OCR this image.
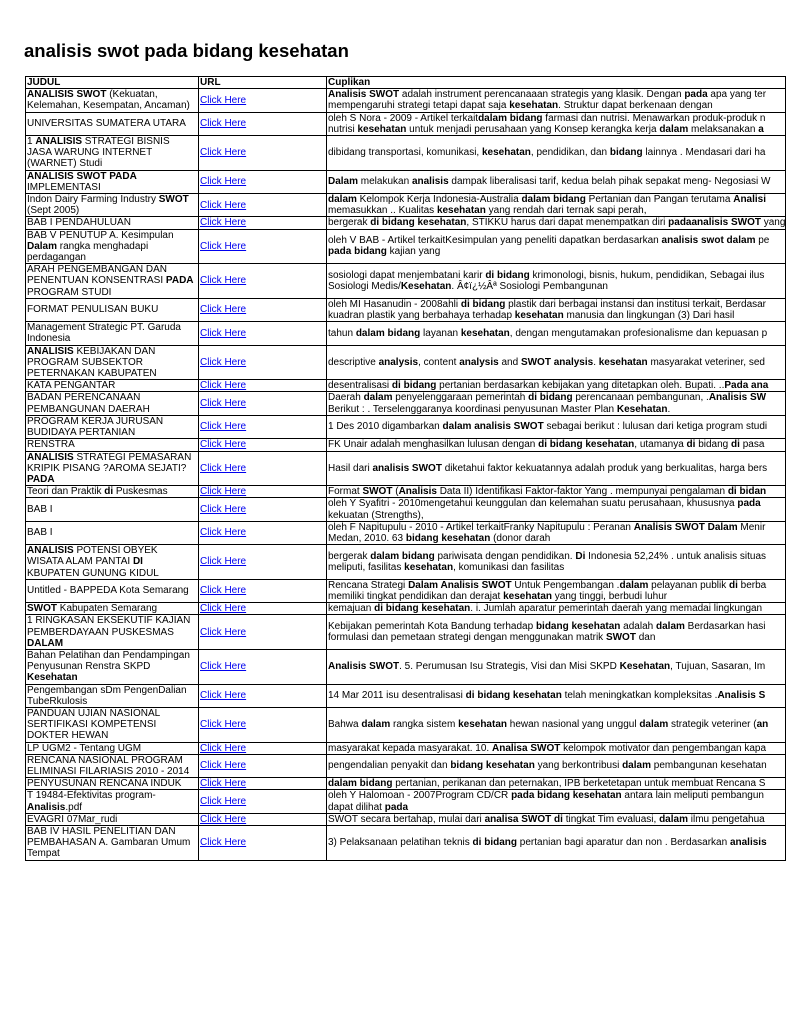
analisis swot pada bidang kesehatan
JUDUL	URL	Cuplikan
ANALISIS SWOT (Kekuatan, Kelemahan, Kesempatan, Ancaman)	Click Here	Analisis SWOT adalah instrument perencanaaan strategis yang klasik. Dengan pada apa yang ter
mempengaruhi strategi tetapi dapat saja kesehatan. Struktur dapat berkenaan dengan

UNIVERSITAS SUMATERA UTARA	Click Here	oleh S Nora - 2009 - Artikel terkaitdalam bidang farmasi dan nutrisi. Menawarkan produk-produk n
nutrisi kesehatan untuk menjadi perusahaan yang Konsep kerangka kerja dalam melaksanakan a

1 ANALISIS STRATEGI BISNIS JASA WARUNG INTERNET (WARNET) Studi	Click Here	dibidang transportasi, komunikasi, kesehatan, pendidikan, dan bidang lainnya . Mendasari dari ha

ANALISIS SWOT PADA IMPLEMENTASI	Click Here	Dalam melakukan analisis dampak liberalisasi tarif, kedua belah pihak sepakat meng- Negosiasi W

Indon Dairy Farming Industry SWOT (Sept 2005)	Click Here	dalam Kelompok Kerja Indonesia-Australia dalam bidang Pertanian dan Pangan terutama Analisi
memasukkan .. Kualitas kesehatan yang rendah dari ternak sapi perah,

BAB I PENDAHULUAN	Click Here	bergerak di bidang kesehatan, STIKKU harus dari dapat menempatkan diri padaanalisis SWOT yang

BAB V PENUTUP A. Kesimpulan Dalam rangka menghadapi perdagangan	Click Here	oleh V BAB - Artikel terkaitKesimpulan yang peneliti dapatkan berdasarkan analisis swot dalam pe
pada bidang kajian yang

ARAH PENGEMBANGAN DAN PENENTUAN KONSENTRASI PADA PROGRAM STUDI	Click Here	sosiologi dapat menjembatani karir di bidang krimonologi, bisnis, hukum, pendidikan, Sebagai ilus
Sosiologi Medis/Kesehatan. Â¢ï¿½Âª Sosiologi Pembangunan

FORMAT PENULISAN BUKU	Click Here	oleh MI Hasanudin - 2008ahli di bidang plastik dari berbagai instansi dan institusi terkait, Berdasar
kuadran plastik yang berbahaya terhadap kesehatan manusia dan lingkungan (3) Dari hasil

Management Strategic PT. Garuda Indonesia	Click Here	tahun dalam bidang layanan kesehatan, dengan mengutamakan profesionalisme dan kepuasan p

ANALISIS KEBIJAKAN DAN PROGRAM SUBSEKTOR PETERNAKAN KABUPATEN	Click Here	descriptive analysis, content analysis and SWOT analysis. kesehatan masyarakat veteriner, sed

KATA PENGANTAR	Click Here	desentralisasi di bidang pertanian berdasarkan kebijakan yang ditetapkan oleh. Bupati. ..Pada ana

BADAN PERENCANAAN PEMBANGUNAN DAERAH	Click Here	Daerah dalam penyelenggaraan pemerintah di bidang perencanaan pembangunan, .Analisis SW
Berikut : . Terselenggaranya koordinasi penyusunan Master Plan Kesehatan.

PROGRAM KERJA JURUSAN BUDIDAYA PERTANIAN	Click Here	1 Des 2010 digambarkan dalam analisis SWOT sebagai berikut : lulusan dari ketiga program studi

RENSTRA	Click Here	FK Unair adalah menghasilkan lulusan dengan di bidang kesehatan, utamanya di bidang di pasa

ANALISIS STRATEGI PEMASARAN KRIPIK PISANG ?AROMA SEJATI? PADA	Click Here	Hasil dari analisis SWOT diketahui faktor kekuatannya adalah produk yang berkualitas, harga bers

Teori dan Praktik di Puskesmas	Click Here	Format SWOT (Analisis Data II) Identifikasi Faktor-faktor Yang . mempunyai pengalaman di bidan

BAB I	Click Here	oleh Y Syafitri - 2010mengetahui keunggulan dan kelemahan suatu perusahaan, khususnya pada
kekuatan (Strengths),

BAB I	Click Here	oleh F Napitupulu - 2010 - Artikel terkaitFranky Napitupulu : Peranan Analisis SWOT Dalam Menir
Medan, 2010. 63 bidang kesehatan (donor darah

ANALISIS POTENSI OBYEK WISATA ALAM PANTAI DI KBUPATEN GUNUNG KIDUL	Click Here	bergerak dalam bidang pariwisata dengan pendidikan. Di Indonesia 52,24% . untuk analisis situas
meliputi, fasilitas kesehatan, komunikasi dan fasilitas

Untitled - BAPPEDA Kota Semarang	Click Here	Rencana Strategi Dalam Analisis SWOT Untuk Pengembangan .dalam pelayanan publik di berba
memiliki tingkat pendidikan dan derajat kesehatan yang tinggi, berbudi luhur

SWOT Kabupaten Semarang	Click Here	kemajuan di bidang kesehatan. i. Jumlah aparatur pemerintah daerah yang memadai lingkungan

1 RINGKASAN EKSEKUTIF KAJIAN PEMBERDAYAAN PUSKESMAS DALAM	Click Here	Kebijakan pemerintah Kota Bandung terhadap bidang kesehatan adalah dalam Berdasarkan hasi
formulasi dan pemetaan strategi dengan menggunakan matrik SWOT dan

Bahan Pelatihan dan Pendampingan Penyusunan Renstra SKPD Kesehatan	Click Here	Analisis SWOT. 5. Perumusan Isu Strategis, Visi dan Misi SKPD Kesehatan, Tujuan, Sasaran, Im

Pengembangan sDm PengenDalian TubeRkulosis	Click Here	14 Mar 2011 isu desentralisasi di bidang kesehatan telah meningkatkan kompleksitas .Analisis S

PANDUAN UJIAN NASIONAL SERTIFIKASI KOMPETENSI DOKTER HEWAN	Click Here	Bahwa dalam rangka sistem kesehatan hewan nasional yang unggul dalam strategik veteriner (an

LP UGM2 - Tentang UGM	Click Here	masyarakat kepada masyarakat. 10. Analisa SWOT kelompok motivator dan pengembangan kapa

RENCANA NASIONAL PROGRAM ELIMINASI FILARIASIS 2010 - 2014	Click Here	pengendalian penyakit dan bidang kesehatan yang berkontribusi dalam pembangunan kesehatan

PENYUSUNAN RENCANA INDUK	Click Here	dalam bidang pertanian, perikanan dan peternakan, IPB berketetapan untuk membuat Rencana S

T 19484-Efektivitas program-Analisis.pdf	Click Here	oleh Y Halomoan - 2007Program CD/CR pada bidang kesehatan antara lain meliputi pembangun
dapat dilihat pada

EVAGRI 07Mar_rudi	Click Here	SWOT secara bertahap, mulai dari analisa SWOT di tingkat Tim evaluasi, dalam ilmu pengetahua

BAB IV HASIL PENELITIAN DAN PEMBAHASAN A. Gambaran Umum Tempat	Click Here	3) Pelaksanaan pelatihan teknis di bidang pertanian bagi aparatur dan non . Berdasarkan analisis
